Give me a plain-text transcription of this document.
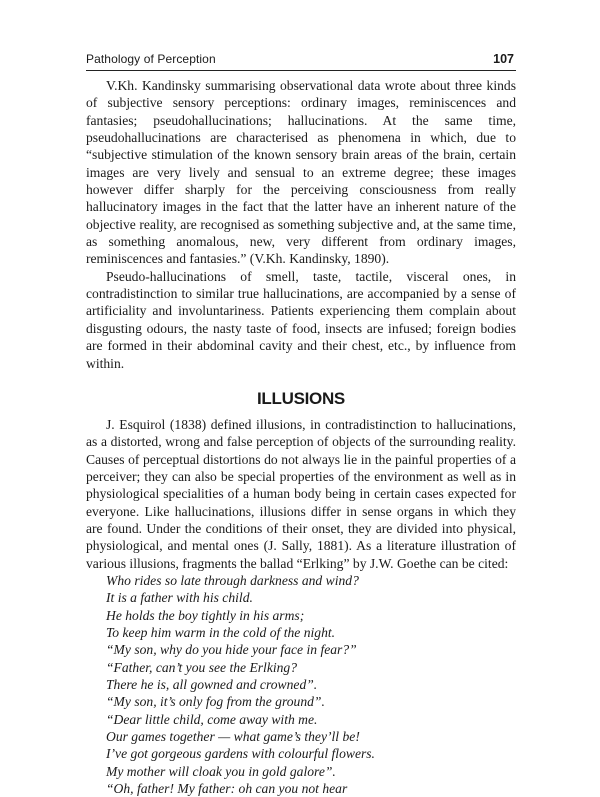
Pathology of Perception	107

V.Kh. Kandinsky summarising observational data wrote about three kinds of subjective sensory perceptions: ordinary images, reminiscences and fantasies; pseudohallucinations; hallucinations. At the same time, pseudohallucinations are characterised as phenomena in which, due to “subjective stimulation of the known sensory brain areas of the brain, certain images are very lively and sensual to an extreme degree; these images however differ sharply for the perceiving consciousness from really hallucinatory images in the fact that the latter have an inherent nature of the objective reality, are recognised as something subjective and, at the same time, as something anomalous, new, very different from ordinary images, reminiscences and fantasies.” (V.Kh. Kandinsky, 1890).

Pseudo-hallucinations of smell, taste, tactile, visceral ones, in contradistinction to similar true hallucinations, are accompanied by a sense of artificiality and involuntariness. Patients experiencing them complain about disgusting odours, the nasty taste of food, insects are infused; foreign bodies are formed in their abdominal cavity and their chest, etc., by influence from within.

ILLUSIONS

J. Esquirol (1838) defined illusions, in contradistinction to hallucinations, as a distorted, wrong and false perception of objects of the surrounding reality. Causes of perceptual distortions do not always lie in the painful properties of a perceiver; they can also be special properties of the environment as well as in physiological specialities of a human body being in certain cases expected for everyone. Like hallucinations, illusions differ in sense organs in which they are found. Under the conditions of their onset, they are divided into physical, physiological, and mental ones (J. Sally, 1881). As a literature illustration of various illusions, fragments the ballad “Erlking” by J.W. Goethe can be cited:

Who rides so late through darkness and wind?
It is a father with his child.
He holds the boy tightly in his arms;
To keep him warm in the cold of the night.
“My son, why do you hide your face in fear?”
“Father, can’t you see the Erlking?
There he is, all gowned and crowned”.
“My son, it’s only fog from the ground”.
“Dear little child, come away with me.
Our games together — what game’s they’ll be!
I’ve got gorgeous gardens with colourful flowers.
My mother will cloak you in gold galore”.
“Oh, father! My father: oh can you not hear
